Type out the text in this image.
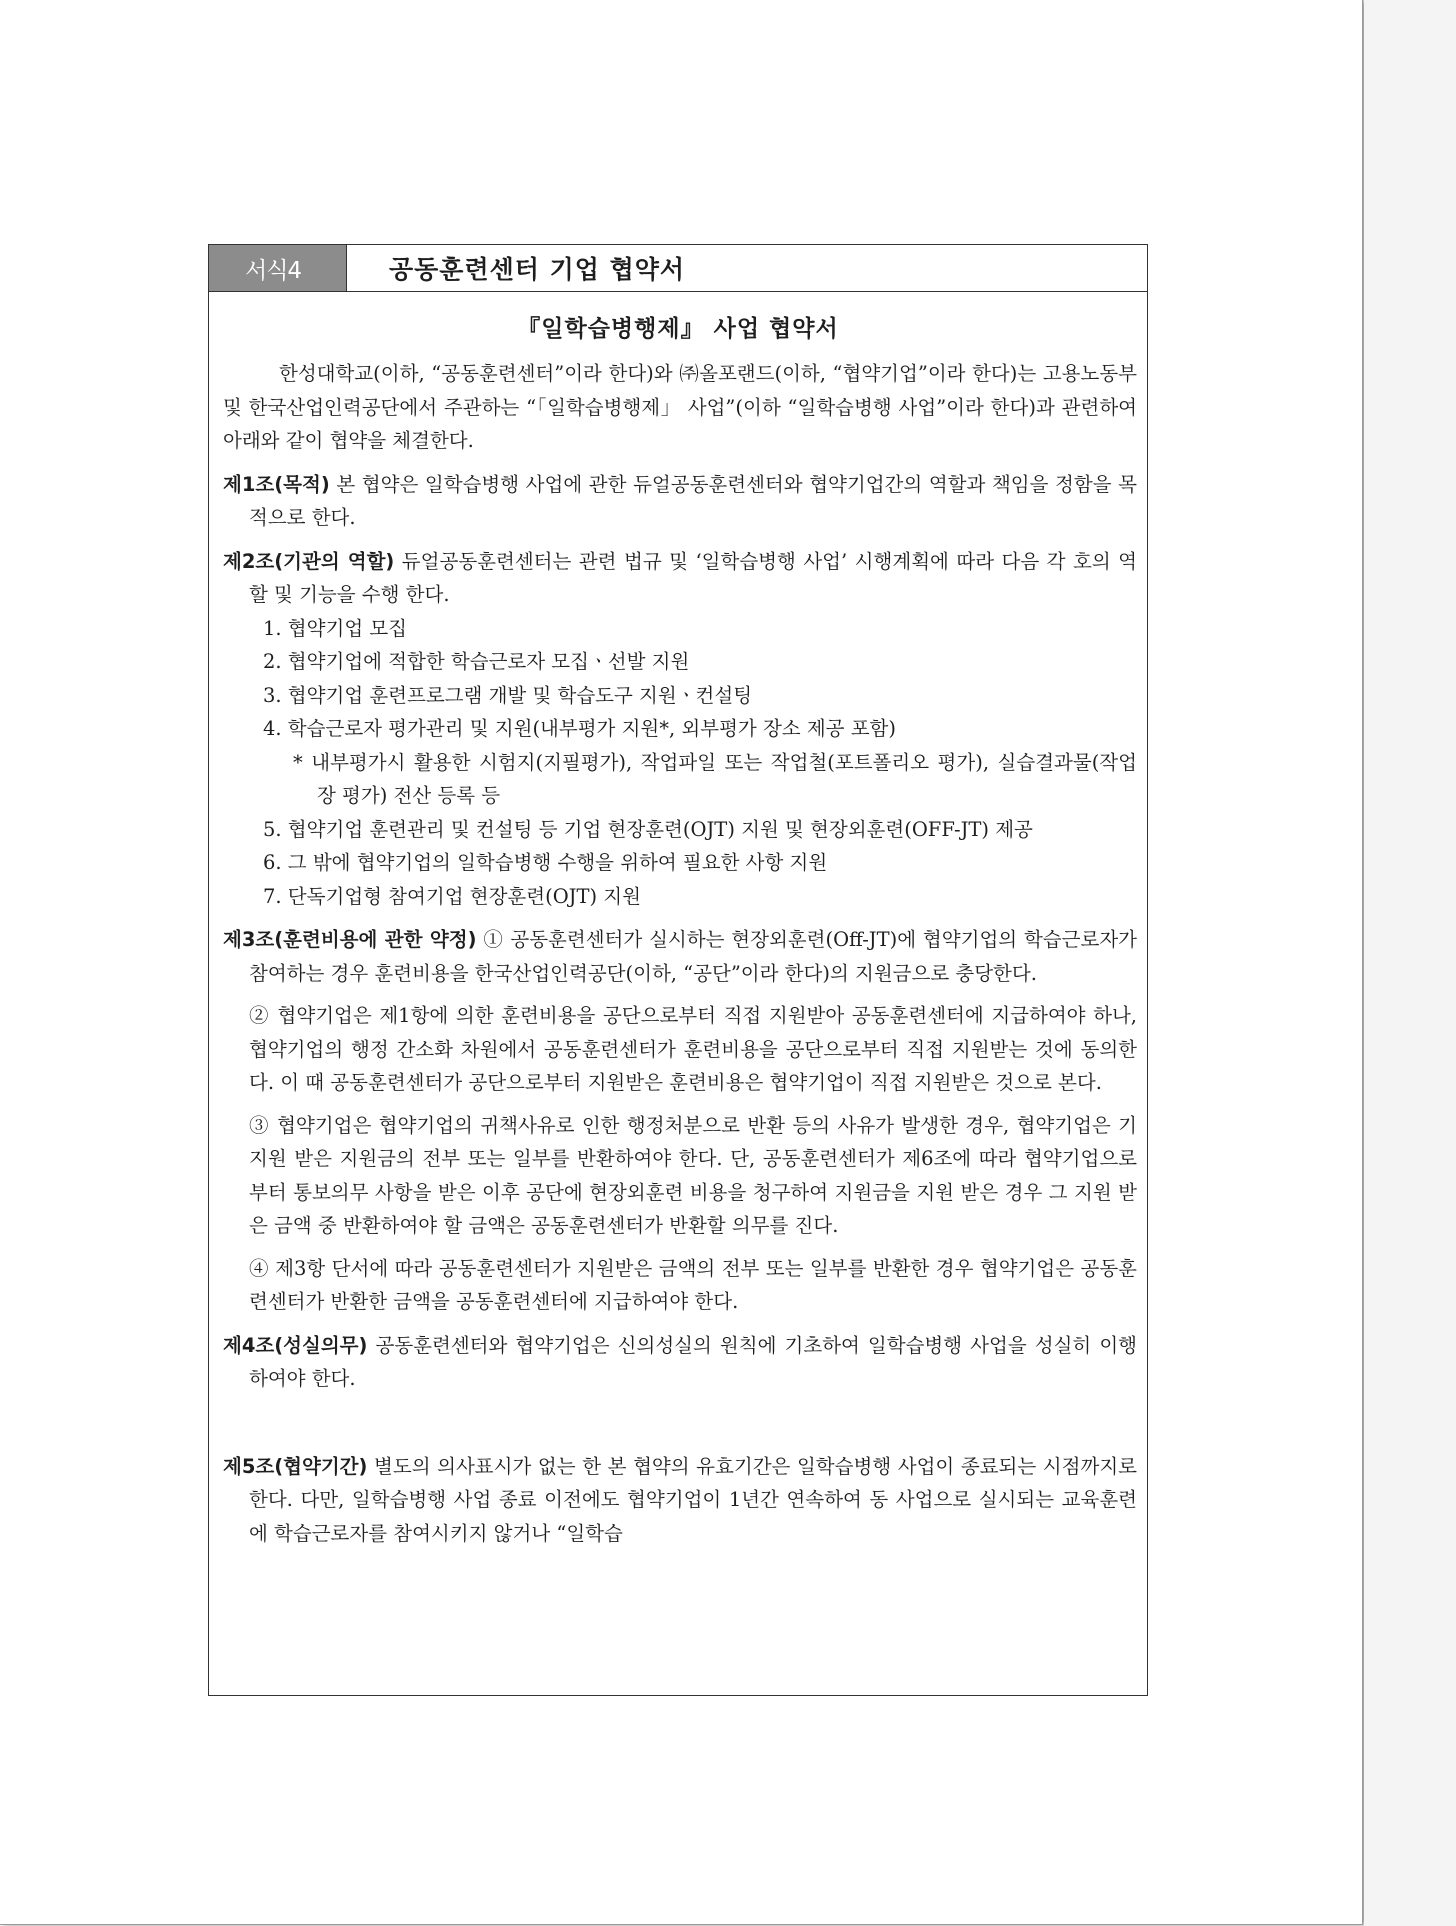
서식4	공동훈련센터 기업 협약서
『일학습병행제』 사업 협약서

한성대학교(이하, “공동훈련센터”이라 한다)와 ㈜올포랜드(이하, “협약기업”이라 한다)는 고용노동부 및 한국산업인력공단에서 주관하는 “「일학습병행제」 사업”(이하 “일학습병행 사업”이라 한다)과 관련하여 아래와 같이 협약을 체결한다.

제1조(목적) 본 협약은 일학습병행 사업에 관한 듀얼공동훈련센터와 협약기업간의 역할과 책임을 정함을 목적으로 한다.

제2조(기관의 역할) 듀얼공동훈련센터는 관련 법규 및 ‘일학습병행 사업’ 시행계획에 따라 다음 각 호의 역할 및 기능을 수행 한다.

1. 협약기업 모집
2. 협약기업에 적합한 학습근로자 모집ㆍ선발 지원
3. 협약기업 훈련프로그램 개발 및 학습도구 지원ㆍ컨설팅
4. 학습근로자 평가관리 및 지원(내부평가 지원*, 외부평가 장소 제공 포함)

* 내부평가시 활용한 시험지(지필평가), 작업파일 또는 작업철(포트폴리오 평가), 실습결과물(작업장 평가) 전산 등록 등

5. 협약기업 훈련관리 및 컨설팅 등 기업 현장훈련(OJT) 지원 및 현장외훈련(OFF-JT) 제공
6. 그 밖에 협약기업의 일학습병행 수행을 위하여 필요한 사항 지원
7. 단독기업형 참여기업 현장훈련(OJT) 지원

제3조(훈련비용에 관한 약정) ① 공동훈련센터가 실시하는 현장외훈련(Off-JT)에 협약기업의 학습근로자가 참여하는 경우 훈련비용을 한국산업인력공단(이하, “공단”이라 한다)의 지원금으로 충당한다.

② 협약기업은 제1항에 의한 훈련비용을 공단으로부터 직접 지원받아 공동훈련센터에 지급하여야 하나, 협약기업의 행정 간소화 차원에서 공동훈련센터가 훈련비용을 공단으로부터 직접 지원받는 것에 동의한다. 이 때 공동훈련센터가 공단으로부터 지원받은 훈련비용은 협약기업이 직접 지원받은 것으로 본다.

③ 협약기업은 협약기업의 귀책사유로 인한 행정처분으로 반환 등의 사유가 발생한 경우, 협약기업은 기지원 받은 지원금의 전부 또는 일부를 반환하여야 한다. 단, 공동훈련센터가 제6조에 따라 협약기업으로부터 통보의무 사항을 받은 이후 공단에 현장외훈련 비용을 청구하여 지원금을 지원 받은 경우 그 지원 받은 금액 중 반환하여야 할 금액은 공동훈련센터가 반환할 의무를 진다.

④ 제3항 단서에 따라 공동훈련센터가 지원받은 금액의 전부 또는 일부를 반환한 경우 협약기업은 공동훈련센터가 반환한 금액을 공동훈련센터에 지급하여야 한다.

제4조(성실의무) 공동훈련센터와 협약기업은 신의성실의 원칙에 기초하여 일학습병행 사업을 성실히 이행하여야 한다.

제5조(협약기간) 별도의 의사표시가 없는 한 본 협약의 유효기간은 일학습병행 사업이 종료되는 시점까지로 한다. 다만, 일학습병행 사업 종료 이전에도 협약기업이 1년간 연속하여 동 사업으로 실시되는 교육훈련에 학습근로자를 참여시키지 않거나 “일학습
